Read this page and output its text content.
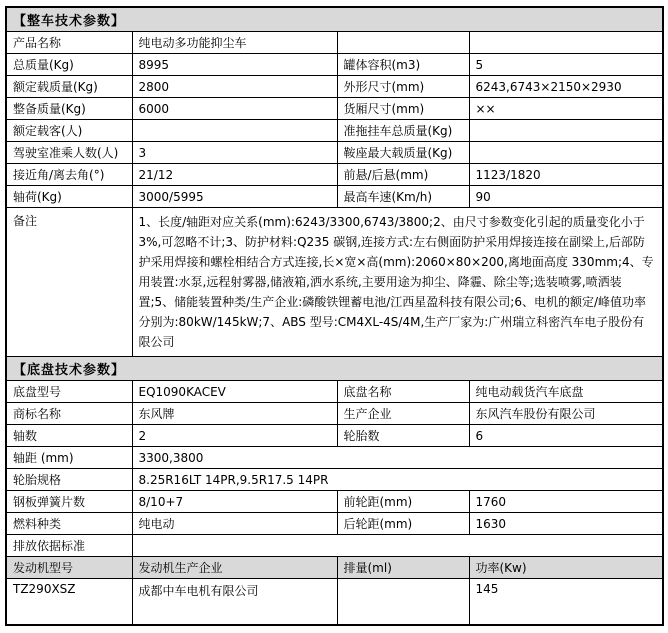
【整车技术参数】			
产品名称	纯电动多功能抑尘车		
总质量(Kg)	8995	罐体容积(m3)	5
额定载质量(Kg)	2800	外形尺寸(mm)	6243,6743×2150×2930
整备质量(Kg)	6000	货厢尺寸(mm)	××
额定载客(人)		准拖挂车总质量(Kg)	
驾驶室准乘人数(人)	3	鞍座最大载质量(Kg)	
接近角/离去角(°)	21/12	前悬/后悬(mm)	1123/1820
轴荷(Kg)	3000/5995	最高车速(Km/h)	90
备注	1、长度/轴距对应关系(mm):6243/3300,6743/3800;2、由尺寸参数变化引起的质量变化小于 3%,可忽略不计;3、防护材料:Q235 碳钢,连接方式:左右侧面防护采用焊接连接在副梁上,后部防护采用焊接和螺栓相结合方式连接,长×宽×高(mm):2060×80×200,离地面高度 330mm;4、专用装置:水泵,远程射雾器,储液箱,洒水系统,主要用途为抑尘、降霾、除尘等;选装喷雾,喷洒装置;5、储能装置种类/生产企业:磷酸铁锂蓄电池/江西星盈科技有限公司;6、电机的额定/峰值功率分别为:80kW/145kW;7、ABS 型号:CM4XL-4S/4M,生产厂家为:广州瑞立科密汽车电子股份有限公司		
【底盘技术参数】			
底盘型号	EQ1090KACEV	底盘名称	纯电动载货汽车底盘
商标名称	东风牌	生产企业	东风汽车股份有限公司
轴数	2	轮胎数	6
轴距 (mm)	3300,3800		
轮胎规格	8.25R16LT 14PR,9.5R17.5 14PR		
钢板弹簧片数	8/10+7	前轮距(mm)	1760
燃料种类	纯电动	后轮距(mm)	1630
排放依据标准			
发动机型号	发动机生产企业	排量(ml)	功率(Kw)
TZ290XSZ	成都中车电机有限公司		145
